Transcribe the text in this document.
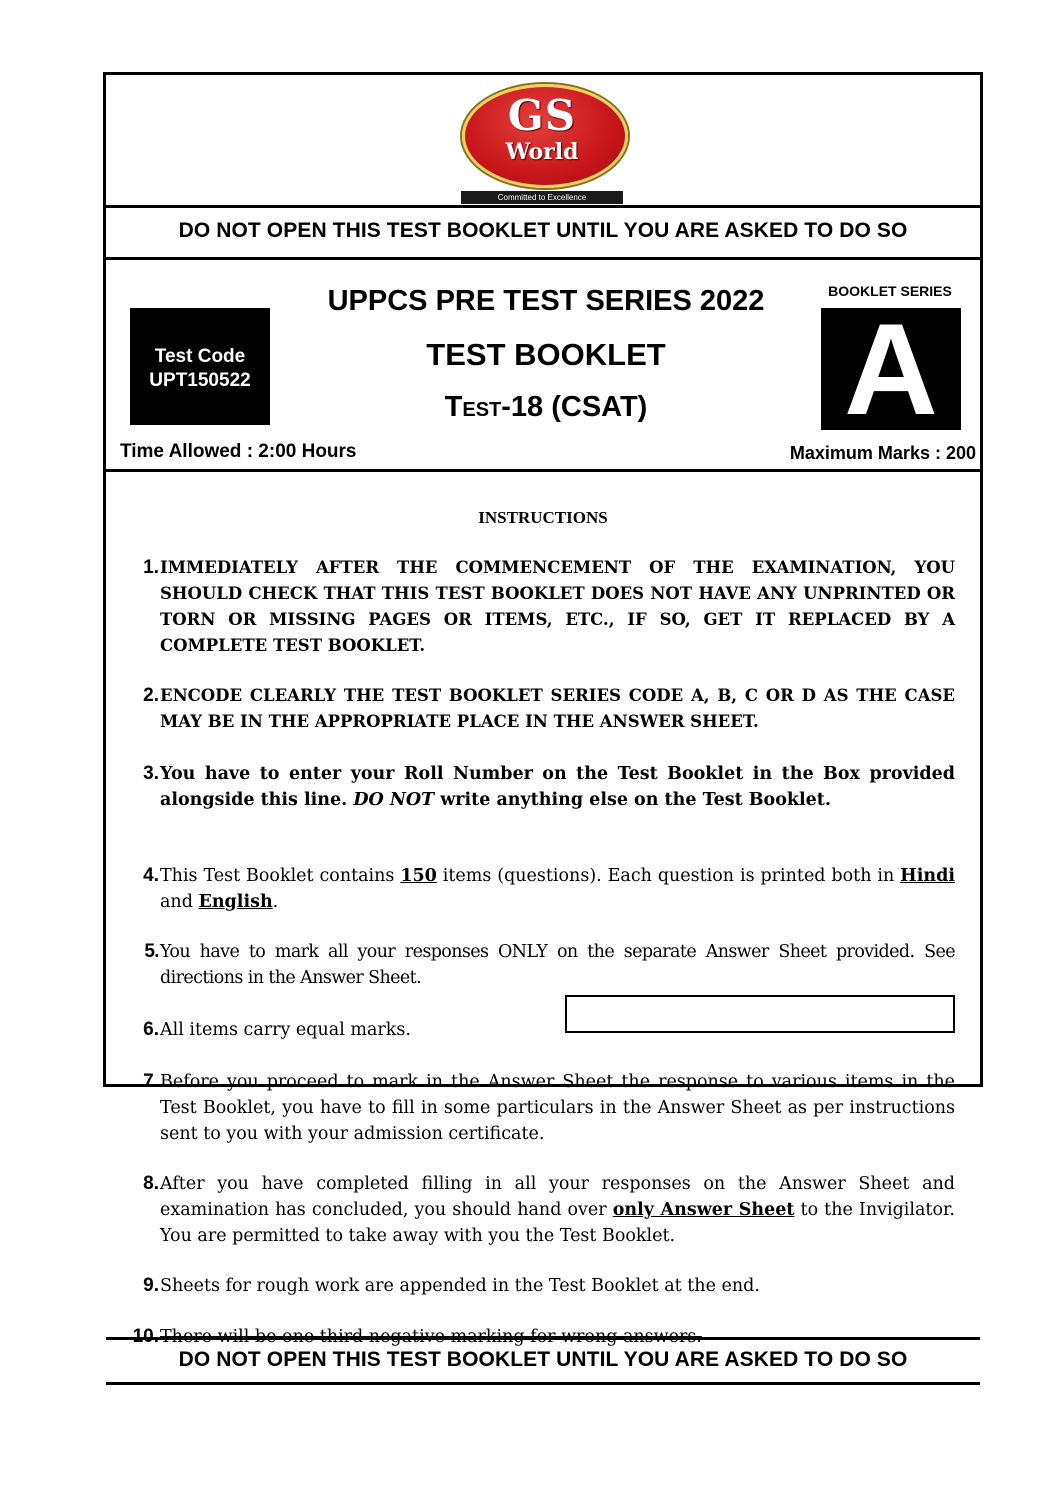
GS
World
Committed to Excellence
DO NOT OPEN THIS TEST BOOKLET UNTIL YOU ARE ASKED TO DO SO
UPPCS PRE TEST SERIES 2022
TEST BOOKLET
Test-18 (CSAT)
Test Code
UPT150522
BOOKLET SERIES
A
Time Allowed : 2:00 Hours	Maximum Marks : 200
INSTRUCTIONS
1. IMMEDIATELY AFTER THE COMMENCEMENT OF THE EXAMINATION, YOU SHOULD CHECK THAT THIS TEST BOOKLET DOES NOT HAVE ANY UNPRINTED OR TORN OR MISSING PAGES OR ITEMS, ETC., IF SO, GET IT REPLACED BY A COMPLETE TEST BOOKLET.
2. ENCODE CLEARLY THE TEST BOOKLET SERIES CODE A, B, C OR D AS THE CASE MAY BE IN THE APPROPRIATE PLACE IN THE ANSWER SHEET.
3. You have to enter your Roll Number on the Test Booklet in the Box provided alongside this line. DO NOT write anything else on the Test Booklet.
4. This Test Booklet contains 150 items (questions). Each question is printed both in Hindi and English.
5. You have to mark all your responses ONLY on the separate Answer Sheet provided. See directions in the Answer Sheet.
6. All items carry equal marks.
7. Before you proceed to mark in the Answer Sheet the response to various items in the Test Booklet, you have to fill in some particulars in the Answer Sheet as per instructions sent to you with your admission certificate.
8. After you have completed filling in all your responses on the Answer Sheet and examination has concluded, you should hand over only Answer Sheet to the Invigilator. You are permitted to take away with you the Test Booklet.
9. Sheets for rough work are appended in the Test Booklet at the end.
10. There will be one third negative marking for wrong answers.
DO NOT OPEN THIS TEST BOOKLET UNTIL YOU ARE ASKED TO DO SO
